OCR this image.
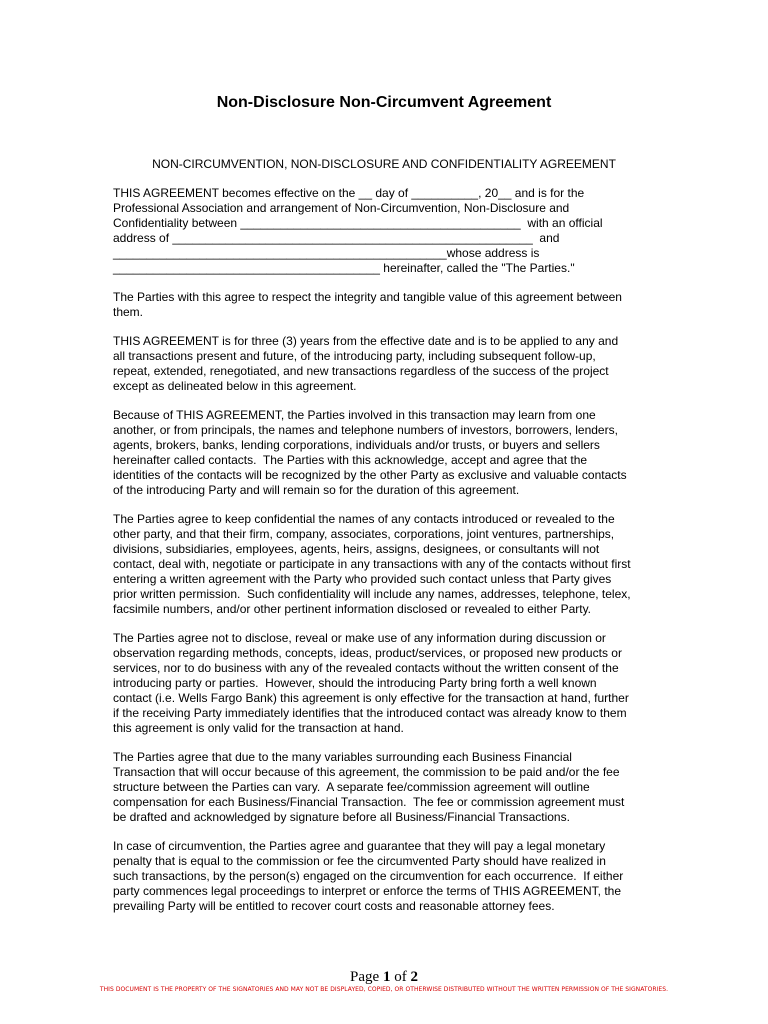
Non-Disclosure Non-Circumvent Agreement
NON-CIRCUMVENTION, NON-DISCLOSURE AND CONFIDENTIALITY AGREEMENT

THIS AGREEMENT becomes effective on the __ day of __________, 20__ and is for the
Professional Association and arrangement of Non-Circumvention, Non-Disclosure and
Confidentiality between __________________________________________  with an official
address of ______________________________________________________  and
__________________________________________________whose address is
________________________________________ hereinafter, called the "The Parties."

The Parties with this agree to respect the integrity and tangible value of this agreement between
them.

THIS AGREEMENT is for three (3) years from the effective date and is to be applied to any and
all transactions present and future, of the introducing party, including subsequent follow-up,
repeat, extended, renegotiated, and new transactions regardless of the success of the project
except as delineated below in this agreement.

Because of THIS AGREEMENT, the Parties involved in this transaction may learn from one
another, or from principals, the names and telephone numbers of investors, borrowers, lenders,
agents, brokers, banks, lending corporations, individuals and/or trusts, or buyers and sellers
hereinafter called contacts.  The Parties with this acknowledge, accept and agree that the
identities of the contacts will be recognized by the other Party as exclusive and valuable contacts
of the introducing Party and will remain so for the duration of this agreement.

The Parties agree to keep confidential the names of any contacts introduced or revealed to the
other party, and that their firm, company, associates, corporations, joint ventures, partnerships,
divisions, subsidiaries, employees, agents, heirs, assigns, designees, or consultants will not
contact, deal with, negotiate or participate in any transactions with any of the contacts without first
entering a written agreement with the Party who provided such contact unless that Party gives
prior written permission.  Such confidentiality will include any names, addresses, telephone, telex,
facsimile numbers, and/or other pertinent information disclosed or revealed to either Party.

The Parties agree not to disclose, reveal or make use of any information during discussion or
observation regarding methods, concepts, ideas, product/services, or proposed new products or
services, nor to do business with any of the revealed contacts without the written consent of the
introducing party or parties.  However, should the introducing Party bring forth a well known
contact (i.e. Wells Fargo Bank) this agreement is only effective for the transaction at hand, further
if the receiving Party immediately identifies that the introduced contact was already know to them
this agreement is only valid for the transaction at hand.

The Parties agree that due to the many variables surrounding each Business Financial
Transaction that will occur because of this agreement, the commission to be paid and/or the fee
structure between the Parties can vary.  A separate fee/commission agreement will outline
compensation for each Business/Financial Transaction.  The fee or commission agreement must
be drafted and acknowledged by signature before all Business/Financial Transactions.

In case of circumvention, the Parties agree and guarantee that they will pay a legal monetary
penalty that is equal to the commission or fee the circumvented Party should have realized in
such transactions, by the person(s) engaged on the circumvention for each occurrence.  If either
party commences legal proceedings to interpret or enforce the terms of THIS AGREEMENT, the
prevailing Party will be entitled to recover court costs and reasonable attorney fees.

Page 1 of 2
THIS DOCUMENT IS THE PROPERTY OF THE SIGNATORIES AND MAY NOT BE DISPLAYED, COPIED, OR OTHERWISE DISTRIBUTED WITHOUT THE WRITTEN PERMISSION OF THE SIGNATORIES.
